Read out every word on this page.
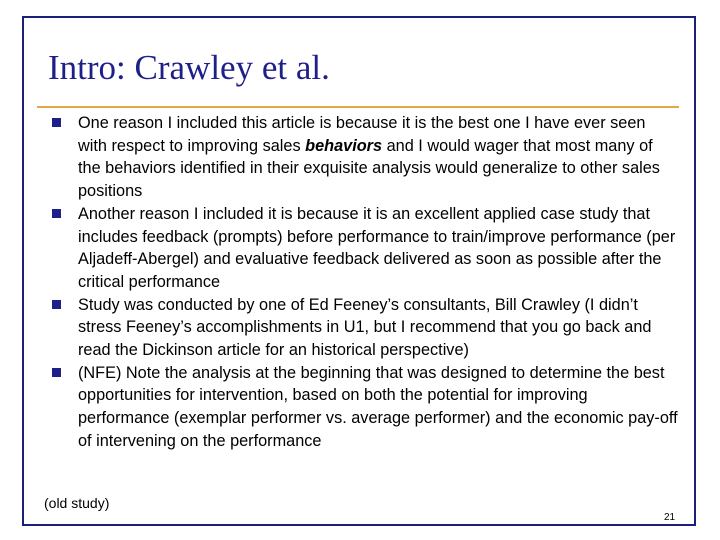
Intro: Crawley et al.
One reason I included this article is because it is the best one I have ever seen with respect to improving sales behaviors and I would wager that most many of the behaviors identified in their exquisite analysis would generalize to other sales positions
Another reason I included it is because it is an excellent applied case study that includes feedback (prompts) before performance to train/improve performance (per Aljadeff-Abergel) and evaluative feedback delivered as soon as possible after the critical performance
Study was conducted by one of Ed Feeney’s consultants, Bill Crawley (I didn’t stress Feeney’s accomplishments in U1, but I recommend that you go back and read the Dickinson article for an historical perspective)
(NFE) Note the analysis at the beginning that was designed to determine the best opportunities for intervention, based on both the potential for improving performance (exemplar performer vs. average performer) and the economic pay-off of intervening on the performance
(old study)
21
